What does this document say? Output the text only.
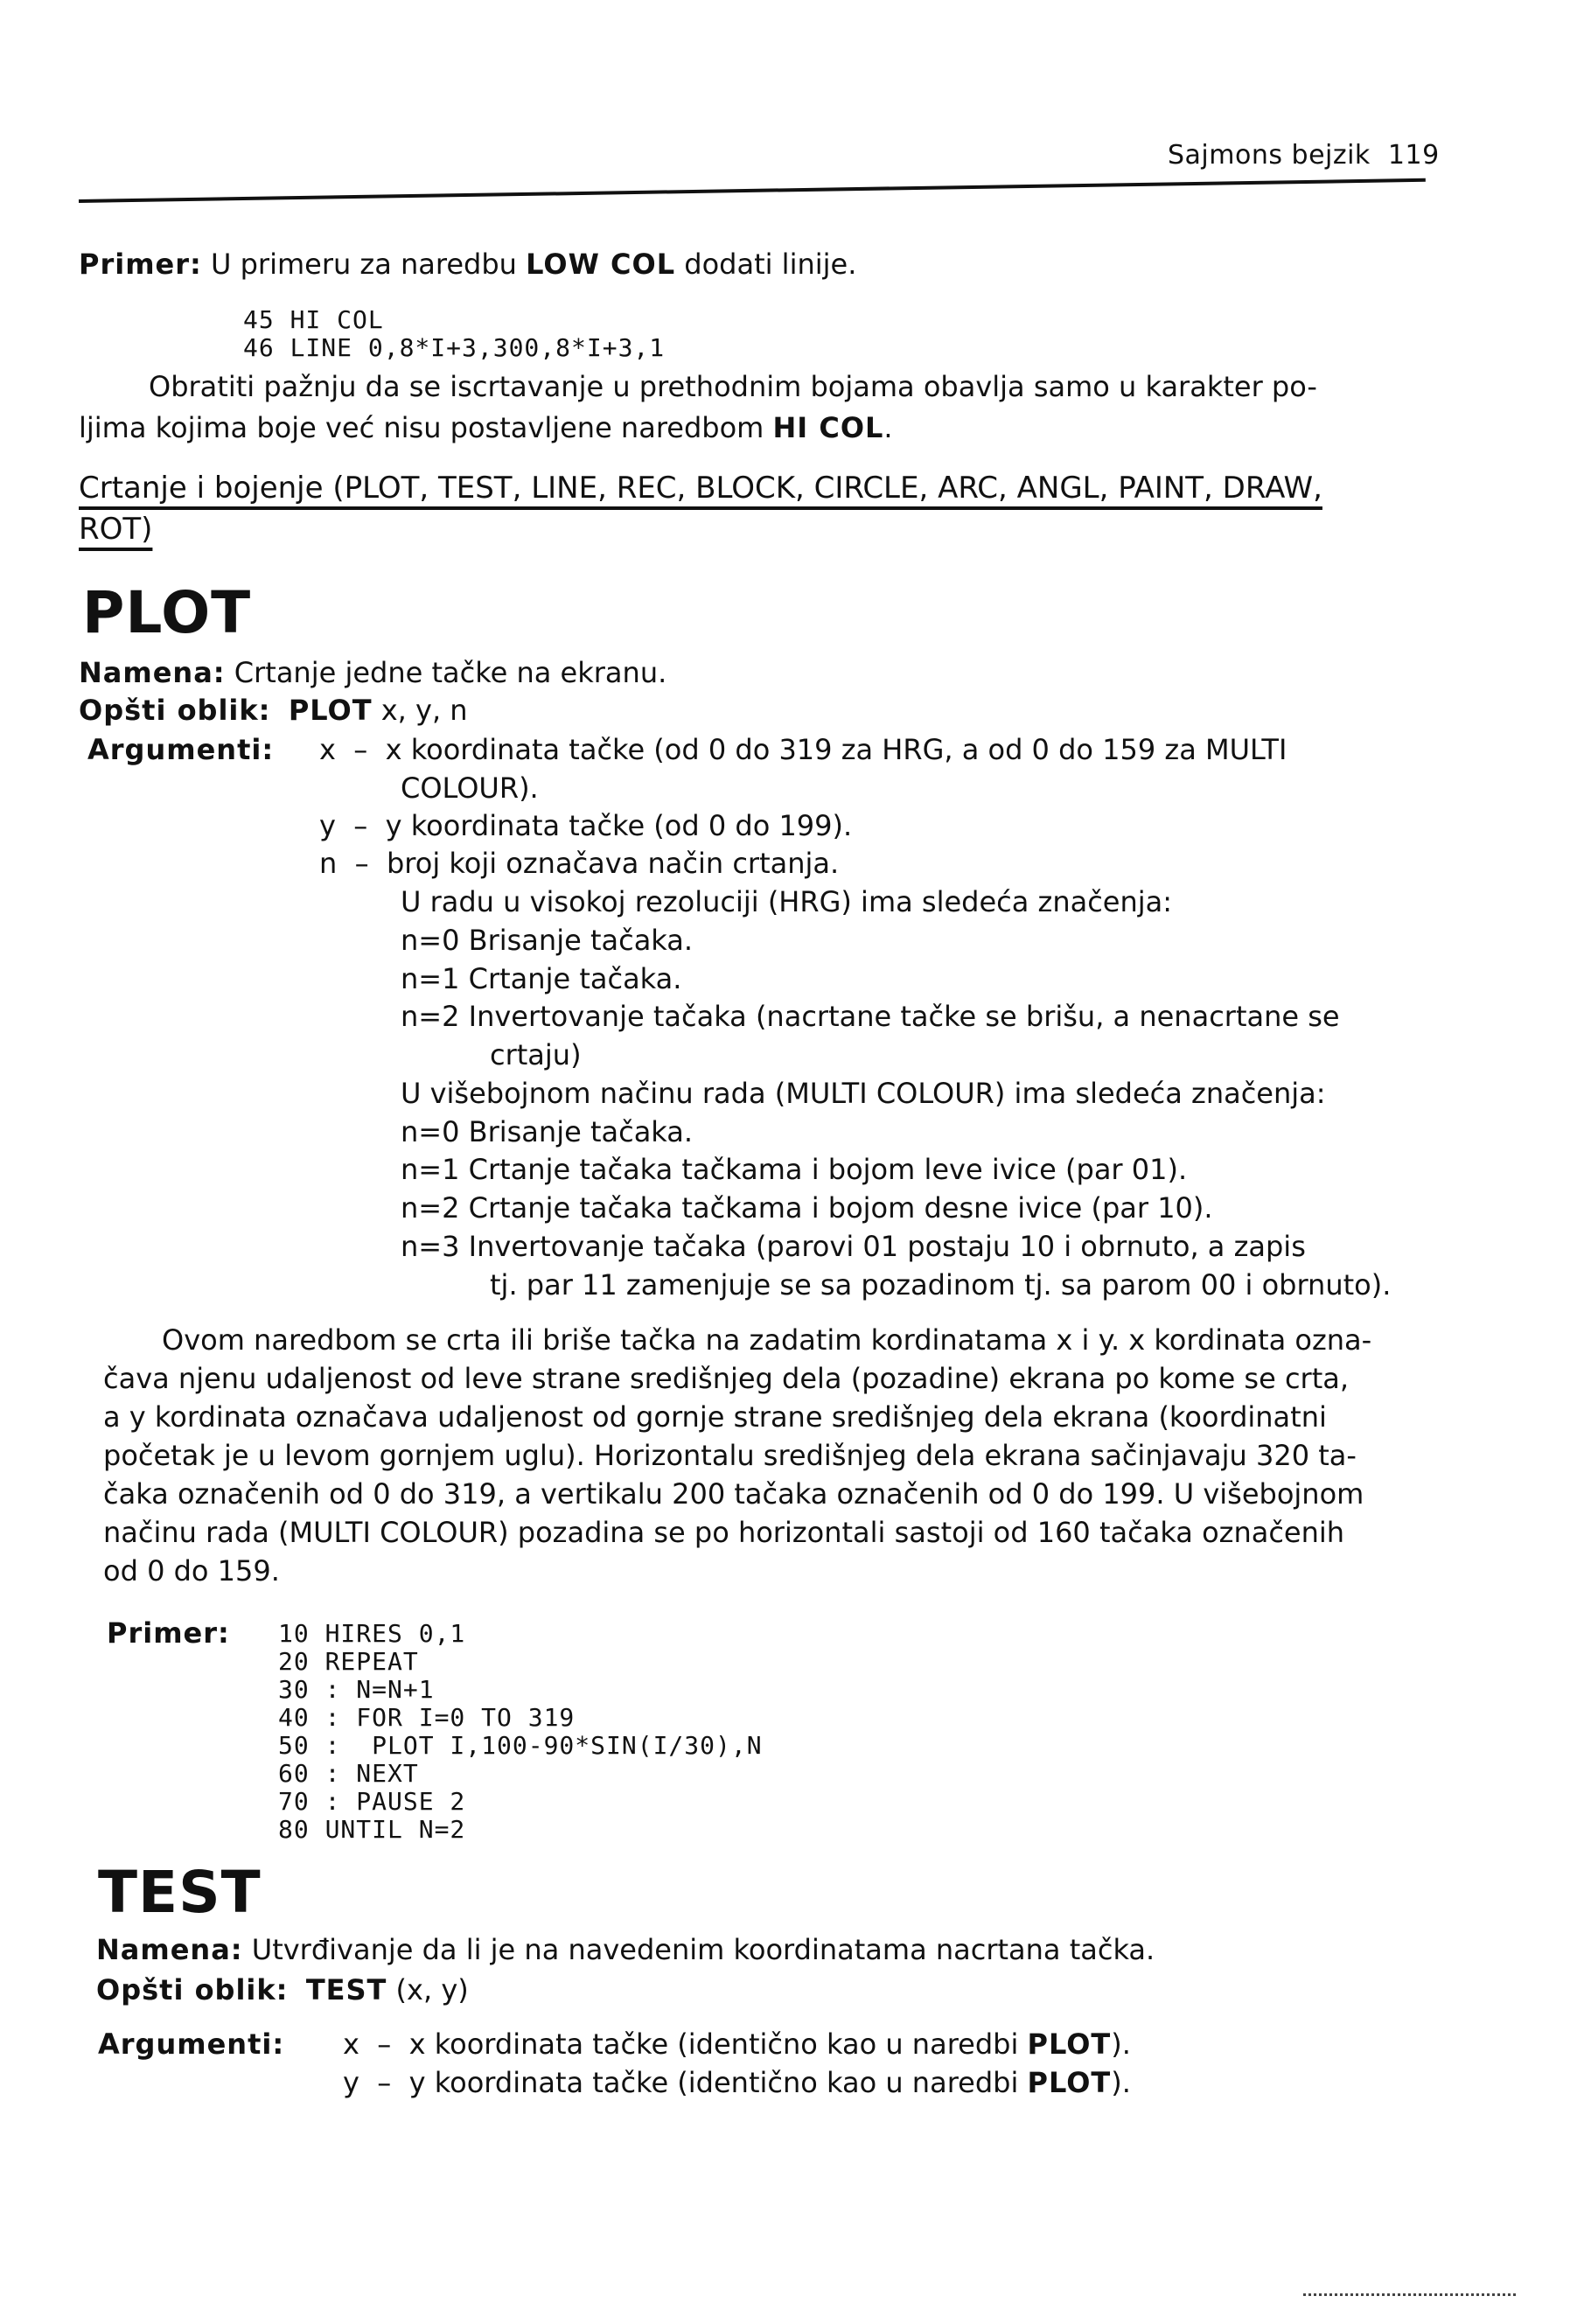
Sajmons bejzik 119
Primer: U primeru za naredbu LOW COL dodati linije.
45 HI COL
46 LINE 0,8*I+3,300,8*I+3,1
Obratiti pažnju da se iscrtavanje u prethodnim bojama obavlja samo u karakter po-
ljima kojima boje već nisu postavljene naredbom HI COL.
Crtanje i bojenje (PLOT, TEST, LINE, REC, BLOCK, CIRCLE, ARC, ANGL, PAINT, DRAW,
ROT)
PLOT
Namena: Crtanje jedne tačke na ekranu.
Opšti oblik: PLOT x, y, n
Argumenti: x – x koordinata tačke (od 0 do 319 za HRG, a od 0 do 159 za MULTI
COLOUR).
y – y koordinata tačke (od 0 do 199).
n – broj koji označava način crtanja.
U radu u visokoj rezoluciji (HRG) ima sledeća značenja:
n=0 Brisanje tačaka.
n=1 Crtanje tačaka.
n=2 Invertovanje tačaka (nacrtane tačke se brišu, a nenacrtane se
crtaju)
U višebojnom načinu rada (MULTI COLOUR) ima sledeća značenja:
n=0 Brisanje tačaka.
n=1 Crtanje tačaka tačkama i bojom leve ivice (par 01).
n=2 Crtanje tačaka tačkama i bojom desne ivice (par 10).
n=3 Invertovanje tačaka (parovi 01 postaju 10 i obrnuto, a zapis
tj. par 11 zamenjuje se sa pozadinom tj. sa parom 00 i obrnuto).
Ovom naredbom se crta ili briše tačka na zadatim kordinatama x i y. x kordinata ozna-
čava njenu udaljenost od leve strane središnjeg dela (pozadine) ekrana po kome se crta,
a y kordinata označava udaljenost od gornje strane središnjeg dela ekrana (koordinatni
početak je u levom gornjem uglu). Horizontalu središnjeg dela ekrana sačinjavaju 320 ta-
čaka označenih od 0 do 319, a vertikalu 200 tačaka označenih od 0 do 199. U višebojnom
načinu rada (MULTI COLOUR) pozadina se po horizontali sastoji od 160 tačaka označenih
od 0 do 159.
Primer: 10 HIRES 0,1
20 REPEAT
30 : N=N+1
40 : FOR I=0 TO 319
50 :  PLOT I,100-90*SIN(I/30),N
60 : NEXT
70 : PAUSE 2
80 UNTIL N=2
TEST
Namena: Utvrđivanje da li je na navedenim koordinatama nacrtana tačka.
Opšti oblik: TEST (x, y)
Argumenti: x – x koordinata tačke (identično kao u naredbi PLOT).
y – y koordinata tačke (identično kao u naredbi PLOT).
